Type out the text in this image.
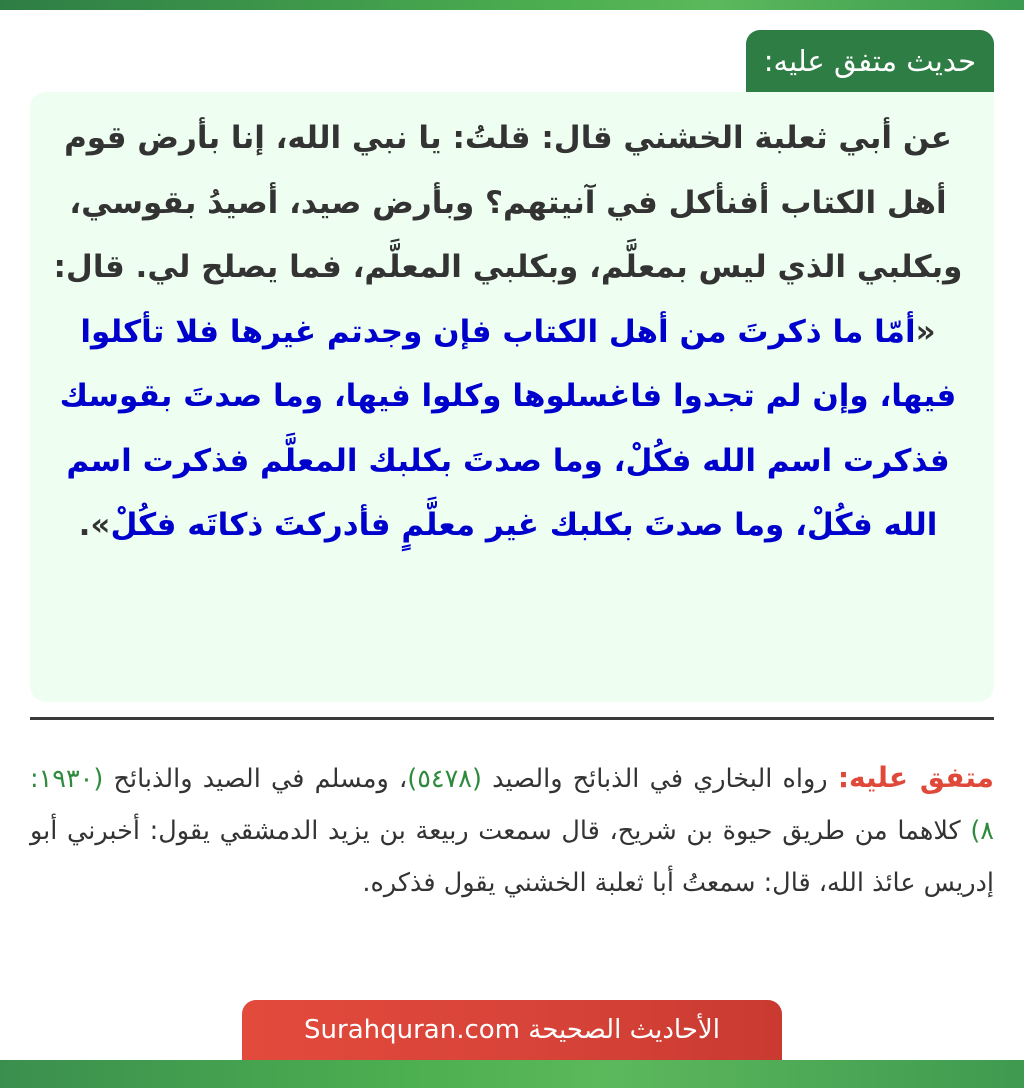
حديث متفق عليه:

عن أبي ثعلبة الخشني قال: قلتُ: يا نبي الله، إنا بأرض قوم أهل الكتاب أفنأكل في آنيتهم؟ وبأرض صيد، أصيدُ بقوسي، وبكلبي الذي ليس بمعلَّم، وبكلبي المعلَّم، فما يصلح لي. قال: «أمّا ما ذكرتَ من أهل الكتاب فإن وجدتم غيرها فلا تأكلوا فيها، وإن لم تجدوا فاغسلوها وكلوا فيها، وما صدتَ بقوسك فذكرت اسم الله فكُلْ، وما صدتَ بكلبك المعلَّم فذكرت اسم الله فكُلْ، وما صدتَ بكلبك غير معلَّمٍ فأدركتَ ذكاتَه فكُلْ».

متفق عليه: رواه البخاري في الذبائح والصيد (٥٤٧٨)، ومسلم في الصيد والذبائح (١٩٣٠: ٨) كلاهما من طريق حيوة بن شريح، قال سمعت ربيعة بن يزيد الدمشقي يقول: أخبرني أبو إدريس عائذ الله، قال: سمعتُ أبا ثعلبة الخشني يقول فذكره.

الأحاديث الصحيحة Surahquran.com
